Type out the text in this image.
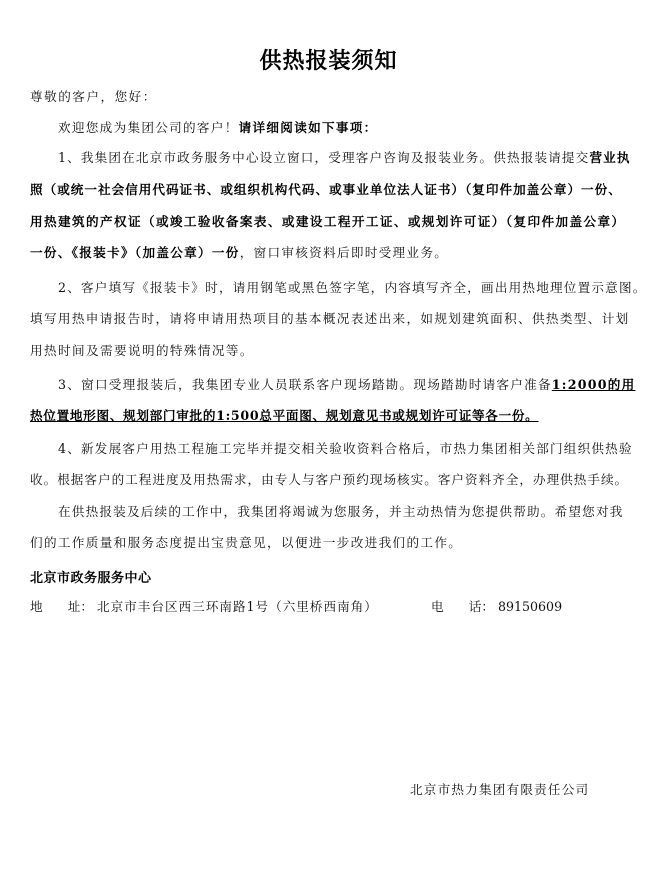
供热报装须知
尊敬的客户，您好：
欢迎您成为集团公司的客户！请详细阅读如下事项：
1、我集团在北京市政务服务中心设立窗口，受理客户咨询及报装业务。供热报装请提交营业执
照（或统一社会信用代码证书、或组织机构代码、或事业单位法人证书）（复印件加盖公章）一份、
用热建筑的产权证（或竣工验收备案表、或建设工程开工证、或规划许可证）（复印件加盖公章）
一份、《报装卡》（加盖公章）一份，窗口审核资料后即时受理业务。
2、客户填写《报装卡》时，请用钢笔或黑色签字笔，内容填写齐全，画出用热地理位置示意图。
填写用热申请报告时，请将申请用热项目的基本概况表述出来，如规划建筑面积、供热类型、计划
用热时间及需要说明的特殊情况等。
3、窗口受理报装后，我集团专业人员联系客户现场踏勘。现场踏勘时请客户准备1:2000的用
热位置地形图、规划部门审批的1:500总平面图、规划意见书或规划许可证等各一份。
4、新发展客户用热工程施工完毕并提交相关验收资料合格后，市热力集团相关部门组织供热验
收。根据客户的工程进度及用热需求，由专人与客户预约现场核实。客户资料齐全，办理供热手续。
在供热报装及后续的工作中，我集团将竭诚为您服务，并主动热情为您提供帮助。希望您对我
们的工作质量和服务态度提出宝贵意见，以便进一步改进我们的工作。
北京市政务服务中心
地　　址： 北京市丰台区西三环南路1号（六里桥西南角）	电　　话： 89150609
北京市热力集团有限责任公司
